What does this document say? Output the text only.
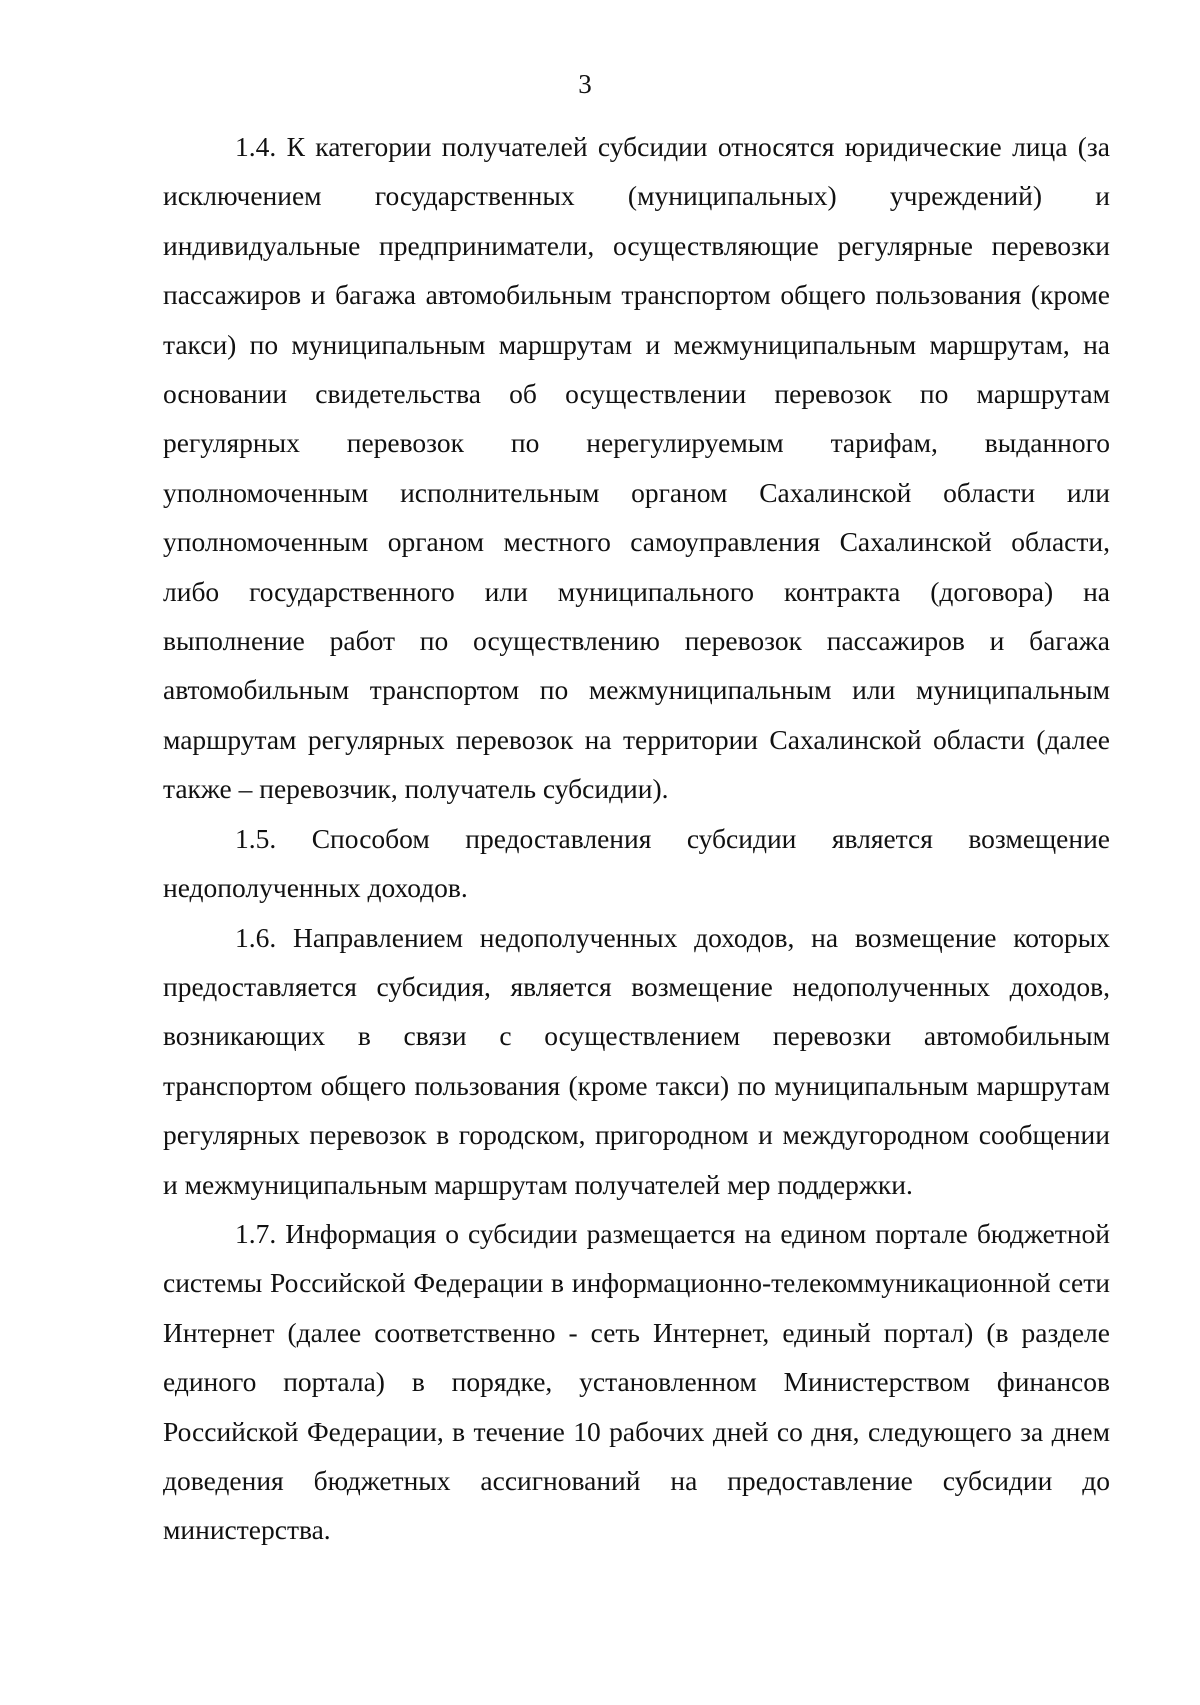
3

1.4. К категории получателей субсидии относятся юридические лица (за исключением государственных (муниципальных) учреждений) и индивидуальные предприниматели, осуществляющие регулярные перевозки пассажиров и багажа автомобильным транспортом общего пользования (кроме такси) по муниципальным маршрутам и межмуниципальным маршрутам, на основании свидетельства об осуществлении перевозок по маршрутам регулярных перевозок по нерегулируемым тарифам, выданного уполномоченным исполнительным органом Сахалинской области или уполномоченным органом местного самоуправления Сахалинской области, либо государственного или муниципального контракта (договора) на выполнение работ по осуществлению перевозок пассажиров и багажа автомобильным транспортом по межмуниципальным или муниципальным маршрутам регулярных перевозок на территории Сахалинской области (далее также – перевозчик, получатель субсидии).

1.5. Способом предоставления субсидии является возмещение недополученных доходов.

1.6. Направлением недополученных доходов, на возмещение которых предоставляется субсидия, является возмещение недополученных доходов, возникающих в связи с осуществлением перевозки автомобильным транспортом общего пользования (кроме такси) по муниципальным маршрутам регулярных перевозок в городском, пригородном и междугородном сообщении и межмуниципальным маршрутам получателей мер поддержки.

1.7. Информация о субсидии размещается на едином портале бюджетной системы Российской Федерации в информационно-телекоммуникационной сети Интернет (далее соответственно - сеть Интернет, единый портал) (в разделе единого портала) в порядке, установленном Министерством финансов Российской Федерации, в течение 10 рабочих дней со дня, следующего за днем доведения бюджетных ассигнований на предоставление субсидии до министерства.
